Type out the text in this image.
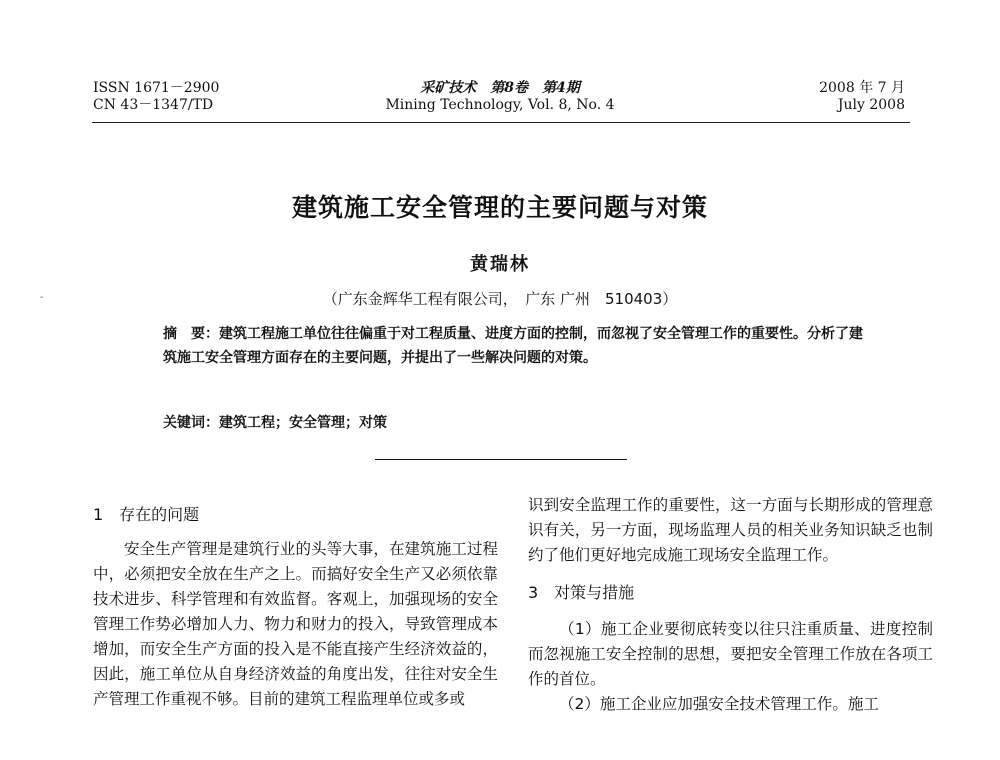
ISSN 1671－2900
CN 43－1347/TD
采矿技术　第8卷　第4期
Mining Technology, Vol. 8, No. 4
2008 年 7 月
July 2008
建筑施工安全管理的主要问题与对策
黄瑞林
（广东金辉华工程有限公司，　广东 广州　510403）
摘　要：建筑工程施工单位往往偏重于对工程质量、进度方面的控制，而忽视了安全管理工作的重要性。分析了建筑施工安全管理方面存在的主要问题，并提出了一些解决问题的对策。
关键词：建筑工程；安全管理；对策
1　存在的问题

安全生产管理是建筑行业的头等大事，在建筑施工过程中，必须把安全放在生产之上。而搞好安全生产又必须依靠技术进步、科学管理和有效监督。客观上，加强现场的安全管理工作势必增加人力、物力和财力的投入，导致管理成本增加，而安全生产方面的投入是不能直接产生经济效益的，因此，施工单位从自身经济效益的角度出发，往往对安全生产管理工作重视不够。目前的建筑工程监理单位或多或

识到安全监理工作的重要性，这一方面与长期形成的管理意识有关，另一方面，现场监理人员的相关业务知识缺乏也制约了他们更好地完成施工现场安全监理工作。

3　对策与措施

（1）施工企业要彻底转变以往只注重质量、进度控制而忽视施工安全控制的思想，要把安全管理工作放在各项工作的首位。

（2）施工企业应加强安全技术管理工作。施工

-
